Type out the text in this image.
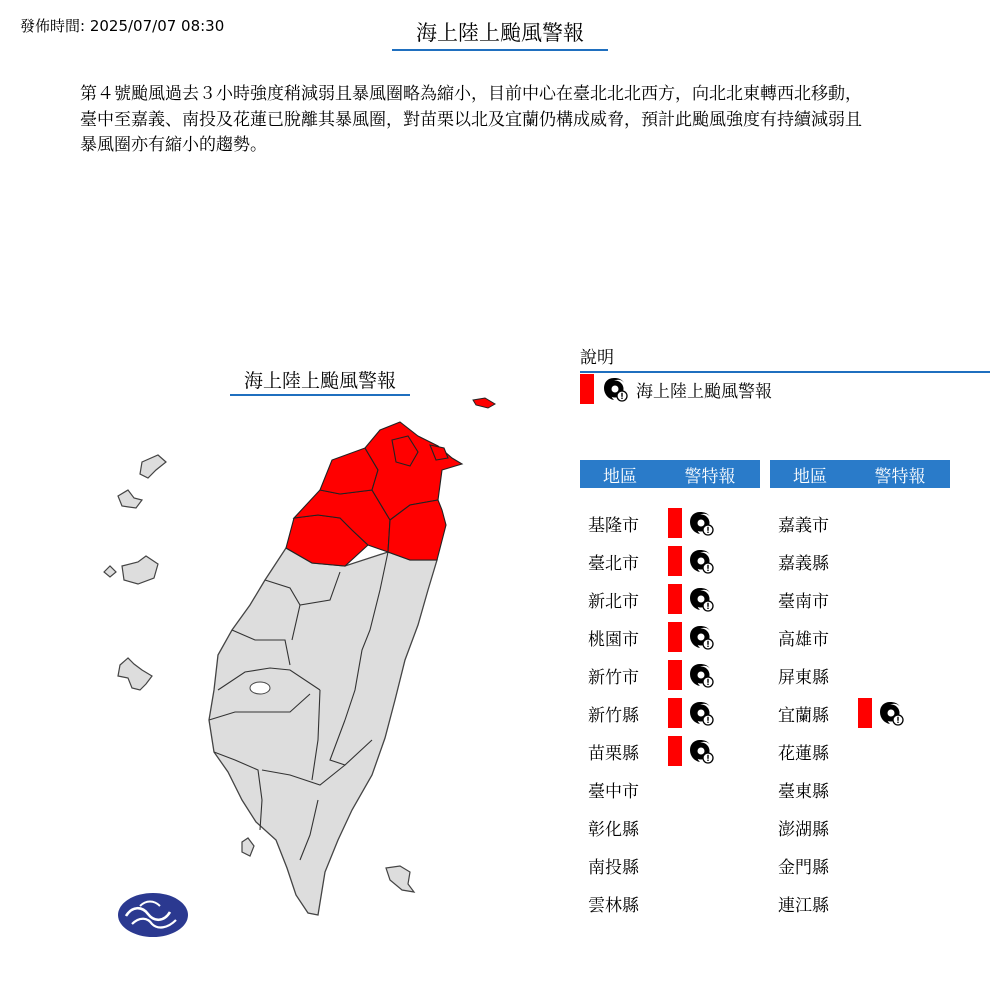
發佈時間: 2025/07/07 08:30	海上陸上颱風警報
第４號颱風過去３小時強度稍減弱且暴風圈略為縮小，目前中心在臺北北北西方，向北北東轉西北移動，
臺中至嘉義、南投及花蓮已脫離其暴風圈，對苗栗以北及宜蘭仍構成威脅，預計此颱風強度有持續減弱且
暴風圈亦有縮小的趨勢。
海上陸上颱風警報
說明
海上陸上颱風警報
地區	警特報
基隆市
臺北市
新北市
桃園市
新竹市
新竹縣
苗栗縣
臺中市
彰化縣
南投縣
雲林縣
地區	警特報
嘉義市
嘉義縣
臺南市
高雄市
屏東縣
宜蘭縣
花蓮縣
臺東縣
澎湖縣
金門縣
連江縣
